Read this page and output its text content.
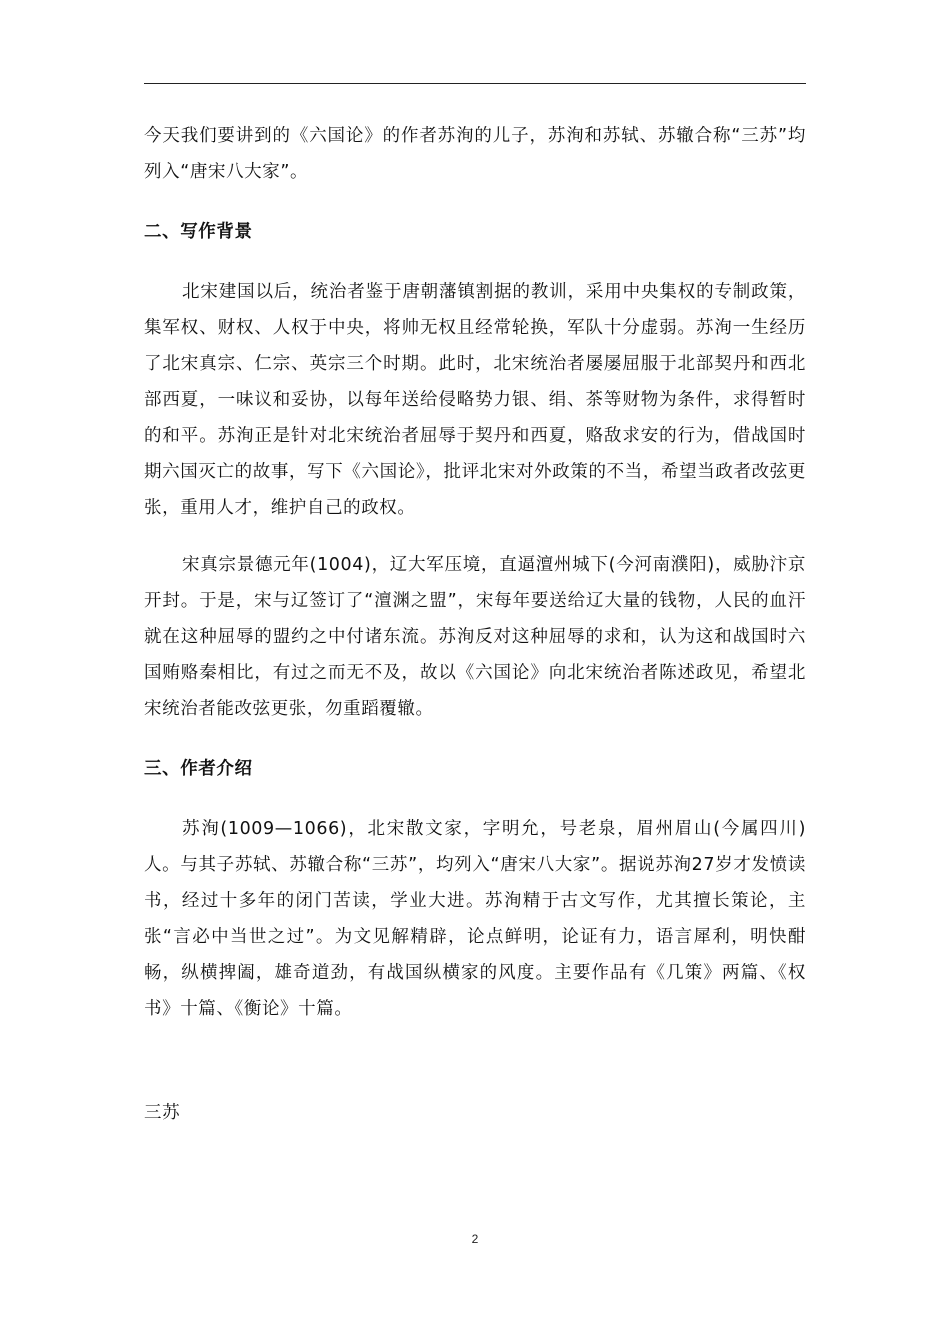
今天我们要讲到的《六国论》的作者苏洵的儿子，苏洵和苏轼、苏辙合称“三苏”均列入“唐宋八大家”。

二、写作背景

北宋建国以后，统治者鉴于唐朝藩镇割据的教训，采用中央集权的专制政策，集军权、财权、人权于中央，将帅无权且经常轮换，军队十分虚弱。苏洵一生经历了北宋真宗、仁宗、英宗三个时期。此时，北宋统治者屡屡屈服于北部契丹和西北部西夏，一味议和妥协，以每年送给侵略势力银、绢、茶等财物为条件，求得暂时的和平。苏洵正是针对北宋统治者屈辱于契丹和西夏，赂敌求安的行为，借战国时期六国灭亡的故事，写下《六国论》，批评北宋对外政策的不当，希望当政者改弦更张，重用人才，维护自己的政权。

宋真宗景德元年(1004)，辽大军压境，直逼澶州城下(今河南濮阳)，威胁汴京开封。于是，宋与辽签订了“澶渊之盟”，宋每年要送给辽大量的钱物，人民的血汗就在这种屈辱的盟约之中付诸东流。苏洵反对这种屈辱的求和，认为这和战国时六国贿赂秦相比，有过之而无不及，故以《六国论》向北宋统治者陈述政见，希望北宋统治者能改弦更张，勿重蹈覆辙。

三、作者介绍

苏洵(1009—1066)，北宋散文家，字明允，号老泉，眉州眉山(今属四川)人。与其子苏轼、苏辙合称“三苏”，均列入“唐宋八大家”。据说苏洵27岁才发愤读书，经过十多年的闭门苦读，学业大进。苏洵精于古文写作，尤其擅长策论，主张“言必中当世之过”。为文见解精辟，论点鲜明，论证有力，语言犀利，明快酣畅，纵横捭阖，雄奇道劲，有战国纵横家的风度。主要作品有《几策》两篇、《权书》十篇、《衡论》十篇。

三苏

2
